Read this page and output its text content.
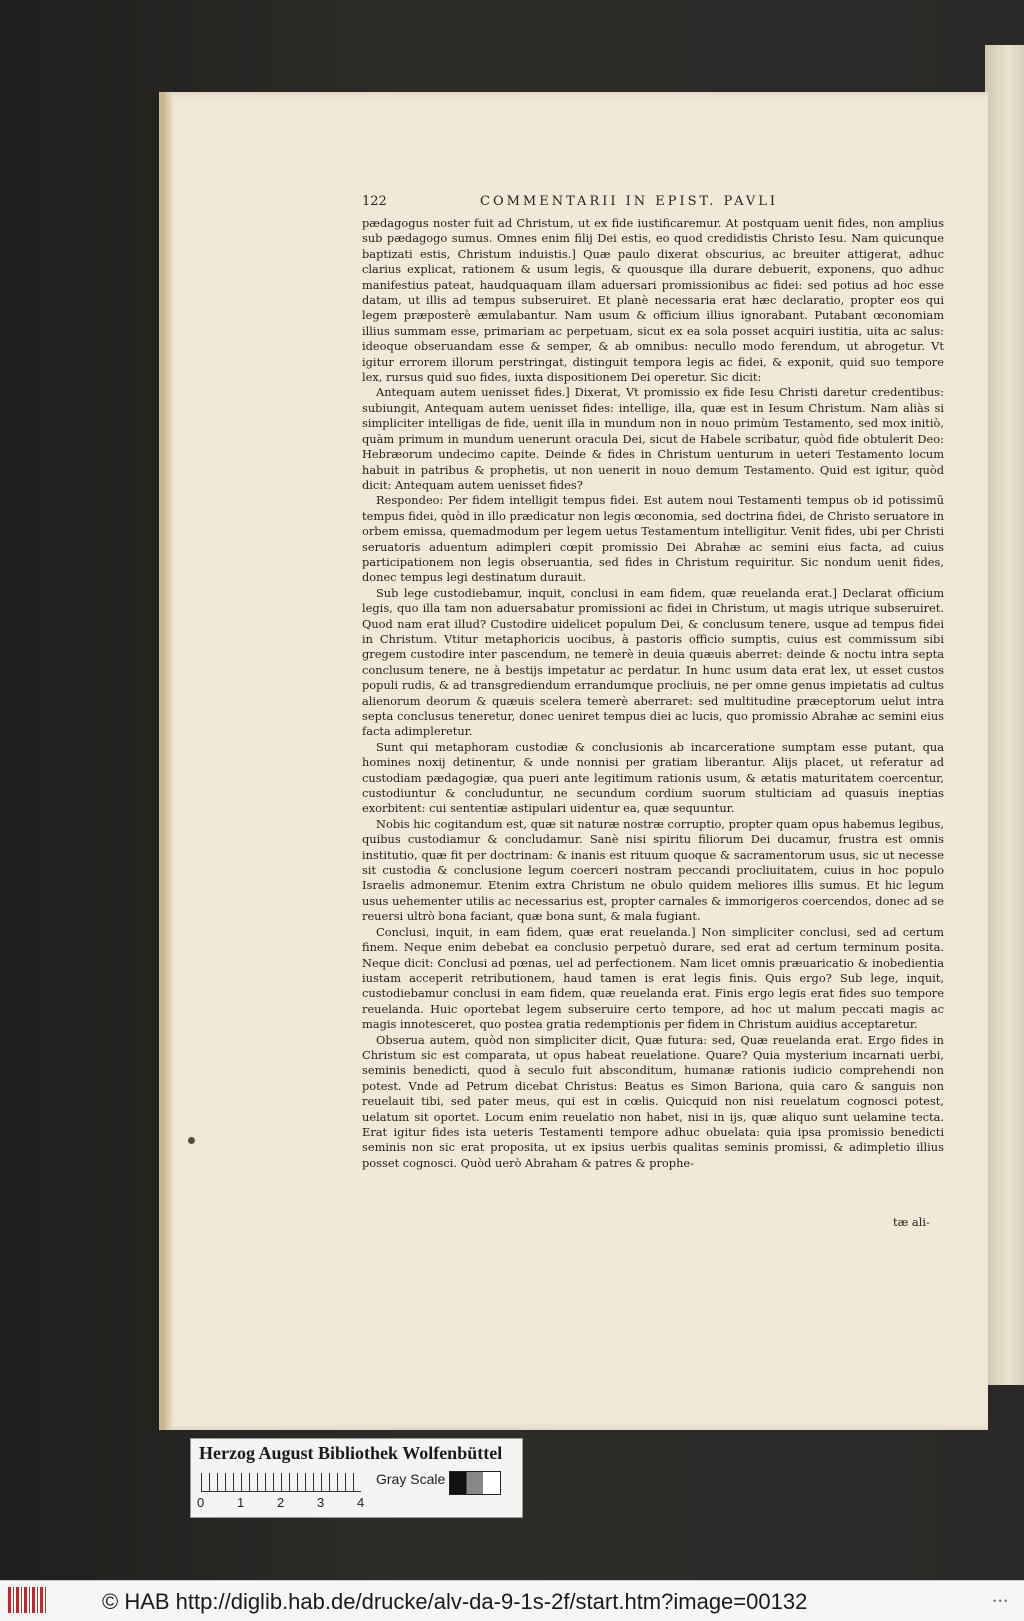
122	COMMENTARII IN EPIST. PAVLI

pædagogus noster fuit ad Christum, ut ex fide iustificaremur. At postquam uenit fides, non amplius sub pædagogo sumus. Omnes enim filij Dei estis, eo quod credidistis Christo Iesu. Nam quicunque baptizati estis, Christum induistis.] Quæ paulo dixerat obscurius, ac breuiter attigerat, adhuc clarius explicat, rationem & usum legis, & quousque illa durare debuerit, exponens, quo adhuc manifestius pateat, haudquaquam illam aduersari promissionibus ac fidei: sed potius ad hoc esse datam, ut illis ad tempus subseruiret. Et planè necessaria erat hæc declaratio, propter eos qui legem præposterè æmulabantur. Nam usum & officium illius ignorabant. Putabant œconomiam illius summam esse, primariam ac perpetuam, sicut ex ea sola posset acquiri iustitia, uita ac salus: ideoque obseruandam esse & semper, & ab omnibus: necullo modo ferendum, ut abrogetur. Vt igitur errorem illorum perstringat, distinguit tempora legis ac fidei, & exponit, quid suo tempore lex, rursus quid suo fides, iuxta dispositionem Dei operetur. Sic dicit:

Antequam autem uenisset fides.] Dixerat, Vt promissio ex fide Iesu Christi daretur credentibus: subiungit, Antequam autem uenisset fides: intellige, illa, quæ est in Iesum Christum. Nam aliàs si simpliciter intelligas de fide, uenit illa in mundum non in nouo primùm Testamento, sed mox initiò, quàm primum in mundum uenerunt oracula Dei, sicut de Habele scribatur, quòd fide obtulerit Deo: Hebræorum undecimo capite. Deinde & fides in Christum uenturum in ueteri Testamento locum habuit in patribus & prophetis, ut non uenerit in nouo demum Testamento. Quid est igitur, quòd dicit: Antequam autem uenisset fides?

Respondeo: Per fidem intelligit tempus fidei. Est autem noui Testamenti tempus ob id potissimū tempus fidei, quòd in illo prædicatur non legis œconomia, sed doctrina fidei, de Christo seruatore in orbem emissa, quemadmodum per legem uetus Testamentum intelligitur. Venit fides, ubi per Christi seruatoris aduentum adimpleri cœpit promissio Dei Abrahæ ac semini eius facta, ad cuius participationem non legis obseruantia, sed fides in Christum requiritur. Sic nondum uenit fides, donec tempus legi destinatum durauit.

Sub lege custodiebamur, inquit, conclusi in eam fidem, quæ reuelanda erat.] Declarat officium legis, quo illa tam non aduersabatur promissioni ac fidei in Christum, ut magis utrique subseruiret. Quod nam erat illud? Custodire uidelicet populum Dei, & conclusum tenere, usque ad tempus fidei in Christum. Vtitur metaphoricis uocibus, à pastoris officio sumptis, cuius est commissum sibi gregem custodire inter pascendum, ne temerè in deuia quæuis aberret: deinde & noctu intra septa conclusum tenere, ne à bestijs impetatur ac perdatur. In hunc usum data erat lex, ut esset custos populi rudis, & ad transgrediendum errandumque procliuis, ne per omne genus impietatis ad cultus alienorum deorum & quæuis scelera temerè aberraret: sed multitudine præceptorum uelut intra septa conclusus teneretur, donec ueniret tempus diei ac lucis, quo promissio Abrahæ ac semini eius facta adimpleretur.

Sunt qui metaphoram custodiæ & conclusionis ab incarceratione sumptam esse putant, qua homines noxij detinentur, & unde nonnisi per gratiam liberantur. Alijs placet, ut referatur ad custodiam pædagogiæ, qua pueri ante legitimum rationis usum, & ætatis maturitatem coercentur, custodiuntur & concluduntur, ne secundum cordium suorum stulticiam ad quasuis ineptias exorbitent: cui sententiæ astipulari uidentur ea, quæ sequuntur.

Nobis hic cogitandum est, quæ sit naturæ nostræ corruptio, propter quam opus habemus legibus, quibus custodiamur & concludamur. Sanè nisi spiritu filiorum Dei ducamur, frustra est omnis institutio, quæ fit per doctrinam: & inanis est rituum quoque & sacramentorum usus, sic ut necesse sit custodia & conclusione legum coerceri nostram peccandi procliuitatem, cuius in hoc populo Israelis admonemur. Etenim extra Christum ne obulo quidem meliores illis sumus. Et hic legum usus uehementer utilis ac necessarius est, propter carnales & immorigeros coercendos, donec ad se reuersi ultrò bona faciant, quæ bona sunt, & mala fugiant.

Conclusi, inquit, in eam fidem, quæ erat reuelanda.] Non simpliciter conclusi, sed ad certum finem. Neque enim debebat ea conclusio perpetuò durare, sed erat ad certum terminum posita. Neque dicit: Conclusi ad pœnas, uel ad perfectionem. Nam licet omnis præuaricatio & inobedientia iustam acceperit retributionem, haud tamen is erat legis finis. Quis ergo? Sub lege, inquit, custodiebamur conclusi in eam fidem, quæ reuelanda erat. Finis ergo legis erat fides suo tempore reuelanda. Huic oportebat legem subseruire certo tempore, ad hoc ut malum peccati magis ac magis innotesceret, quo postea gratia redemptionis per fidem in Christum auidius acceptaretur.

Obserua autem, quòd non simpliciter dicit, Quæ futura: sed, Quæ reuelanda erat. Ergo fides in Christum sic est comparata, ut opus habeat reuelatione. Quare? Quia mysterium incarnati uerbi, seminis benedicti, quod à seculo fuit absconditum, humanæ rationis iudicio comprehendi non potest. Vnde ad Petrum dicebat Christus: Beatus es Simon Bariona, quia caro & sanguis non reuelauit tibi, sed pater meus, qui est in cœlis. Quicquid non nisi reuelatum cognosci potest, uelatum sit oportet. Locum enim reuelatio non habet, nisi in ijs, quæ aliquo sunt uelamine tecta. Erat igitur fides ista ueteris Testamenti tempore adhuc obuelata: quia ipsa promissio benedicti seminis non sic erat proposita, ut ex ipsius uerbis qualitas seminis promissi, & adimpletio illius posset cognosci. Quòd uerò Abraham & patres & prophe-

tæ ali-
Herzog August Bibliothek Wolfenbüttel
0	1	2	3	4
Gray Scale
© HAB http://diglib.hab.de/drucke/alv-da-9-1s-2f/start.htm?image=00132	• • •
